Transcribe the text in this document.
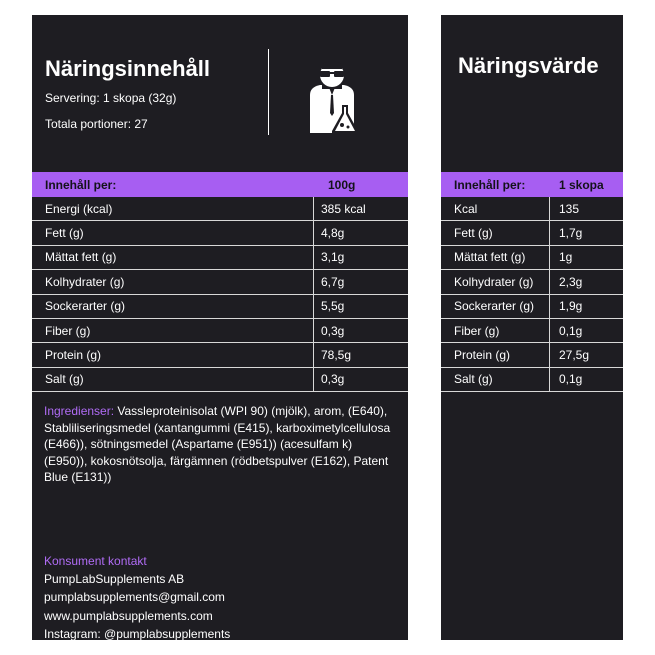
Näringsinnehåll
Servering: 1 skopa (32g)
Totala portioner: 27
Innehåll per:	100g
Energi (kcal)	385 kcal
Fett (g)	4,8g
Mättat fett (g)	3,1g
Kolhydrater (g)	6,7g
Sockerarter (g)	5,5g
Fiber (g)	0,3g
Protein (g)	78,5g
Salt (g)	0,3g
Ingredienser: Vassleproteinisolat (WPI 90) (mjölk), arom, (E640), Stabliliseringsmedel (xantangummi (E415), karboximetylcellulosa (E466)), sötningsmedel (Aspartame (E951)) (acesulfam k) (E950)), kokosnötsolja, färgämnen (rödbetspulver (E162), Patent Blue (E131))
Konsument kontakt
PumpLabSupplements AB
pumplabsupplements@gmail.com
www.pumplabsupplements.com
Instagram: @pumplabsupplements
Näringsvärde
Innehåll per:	1 skopa
Kcal	135
Fett (g)	1,7g
Mättat fett (g)	1g
Kolhydrater (g) 2,3g
Sockerarter (g) 1,9g
Fiber (g)	0,1g
Protein (g)	27,5g
Salt (g)	0,1g
